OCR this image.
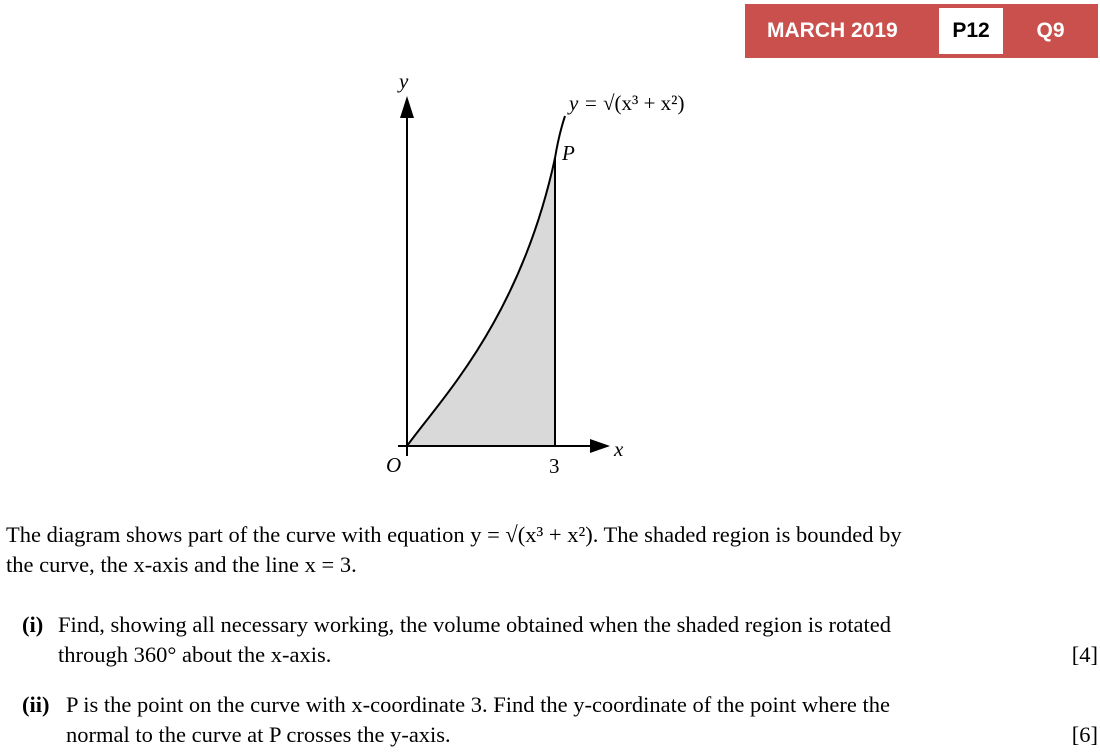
MARCH 2019	P12	Q9
y
x
O	3
P
y = √(x³ + x²)
The diagram shows part of the curve with equation y = √(x³ + x²). The shaded region is bounded by
the curve, the x-axis and the line x = 3.
(i) Find, showing all necessary working, the volume obtained when the shaded region is rotated
through 360° about the x-axis.	[4]
(ii) P is the point on the curve with x-coordinate 3. Find the y-coordinate of the point where the
normal to the curve at P crosses the y-axis.	[6]
